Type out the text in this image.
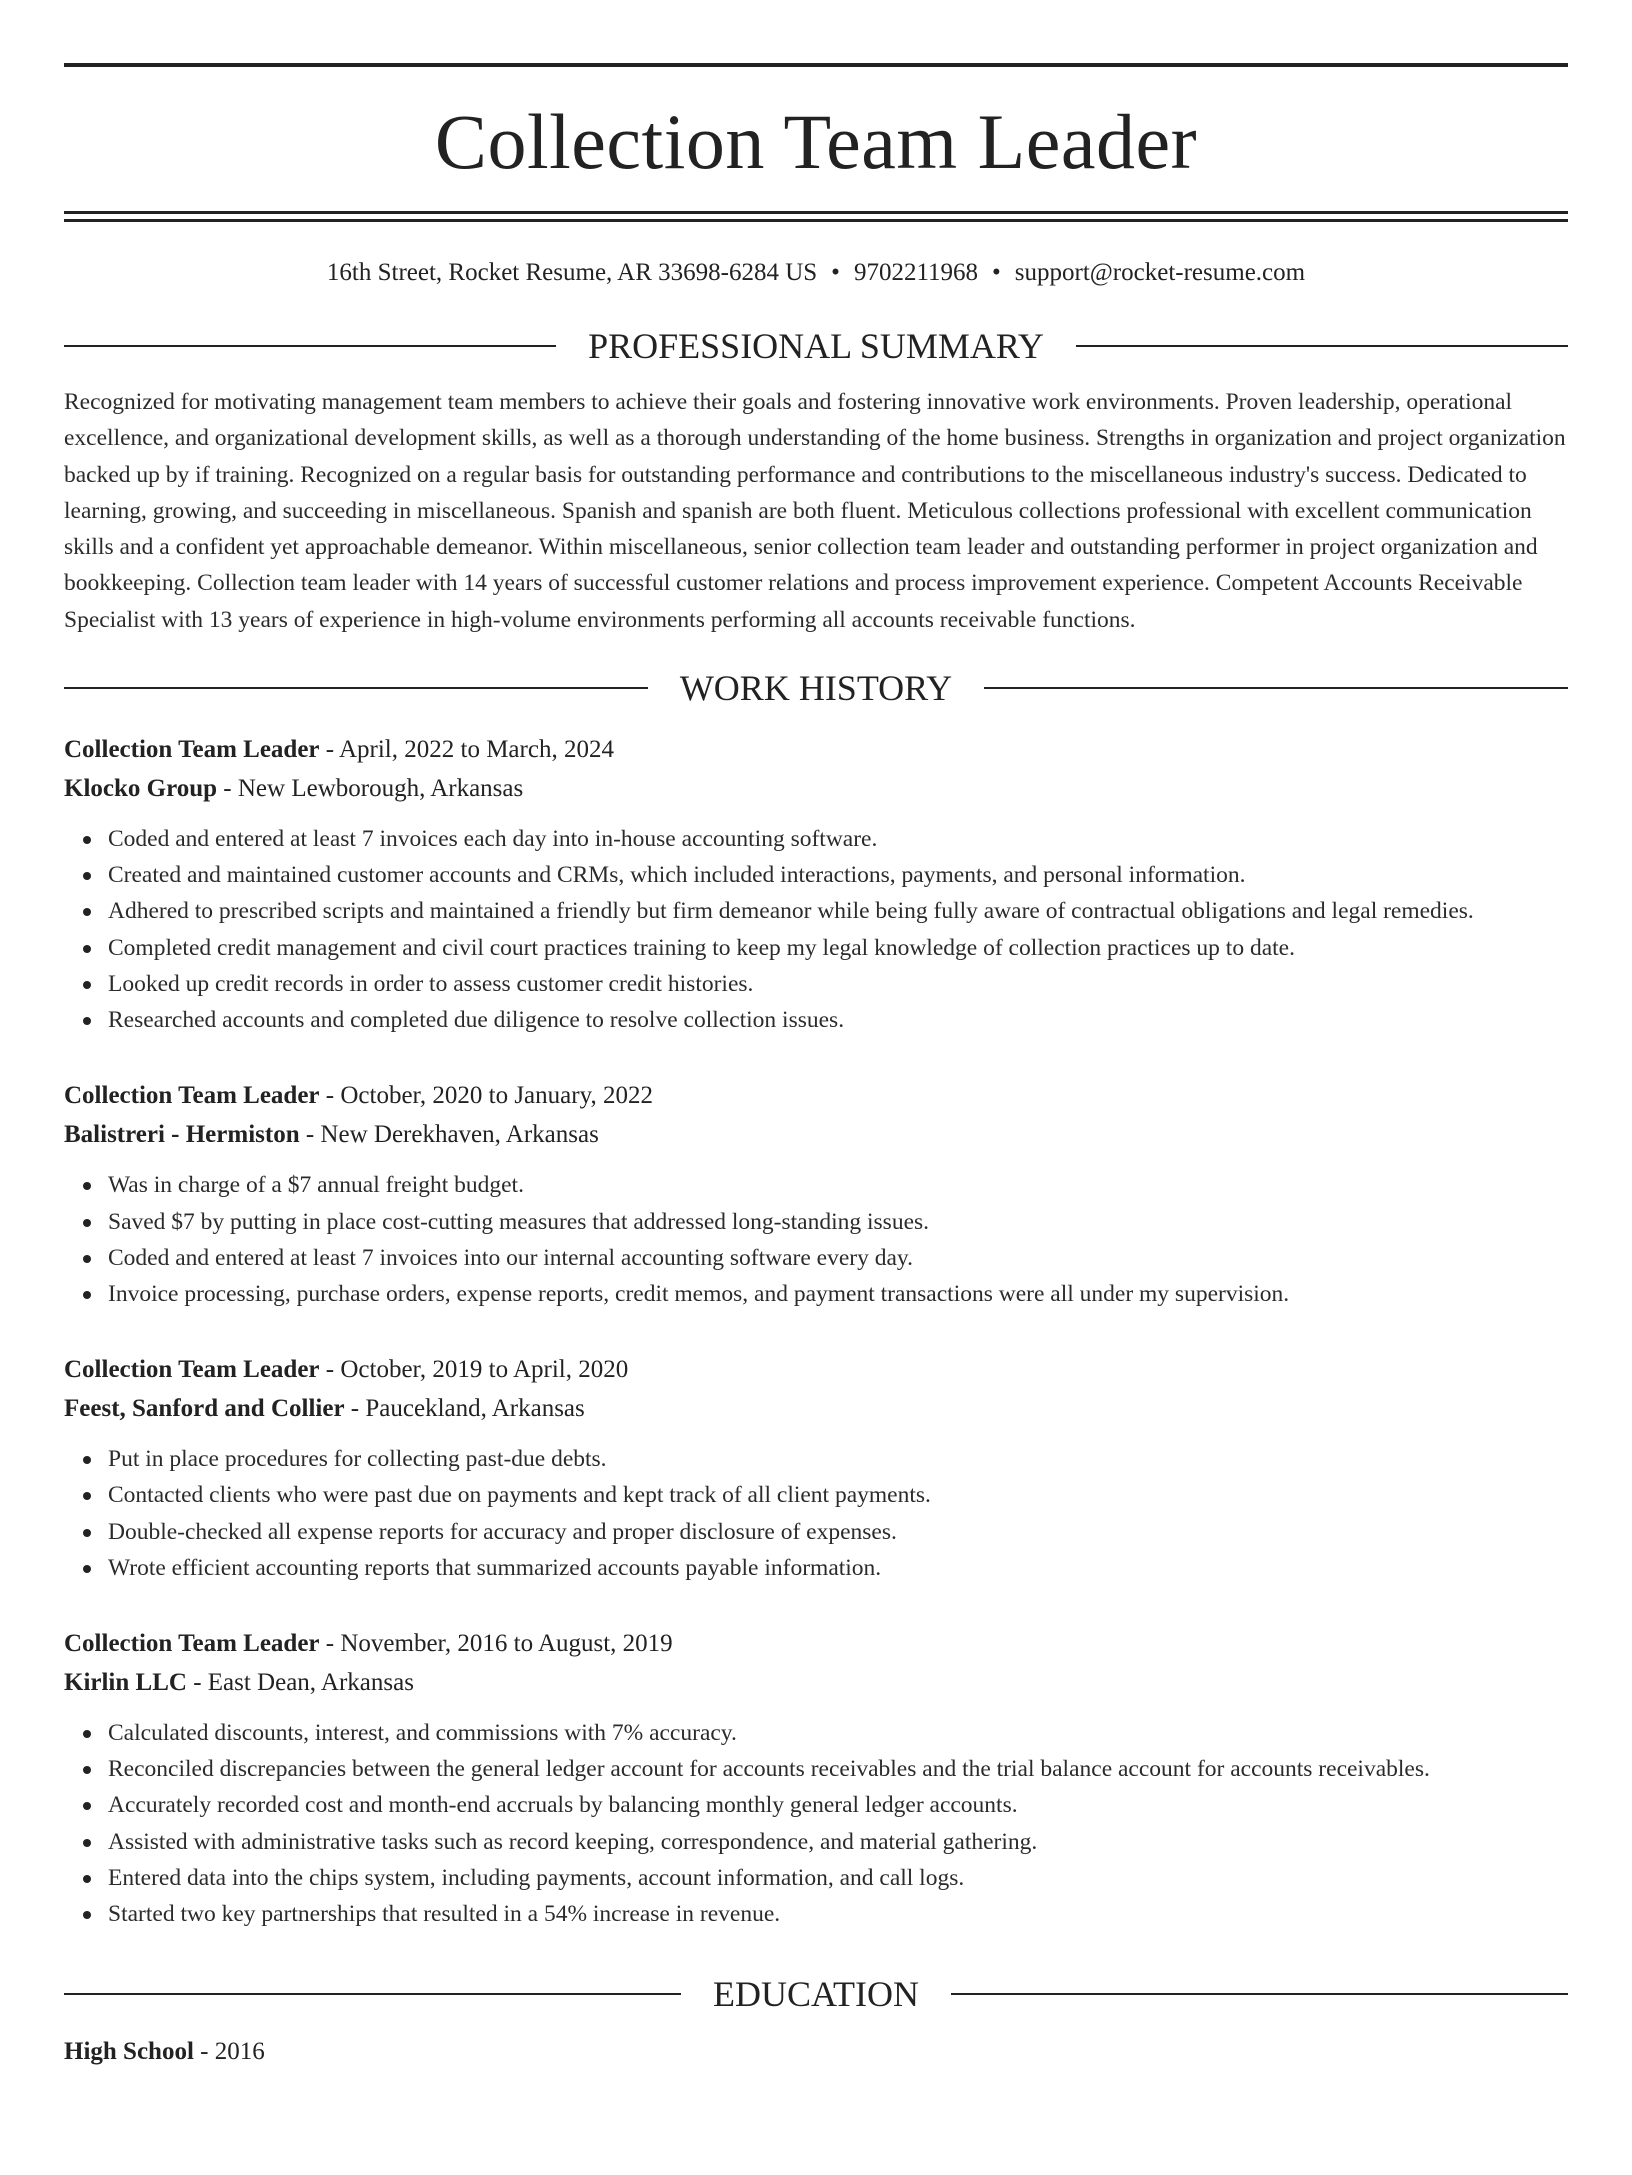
Collection Team Leader
16th Street, Rocket Resume, AR 33698-6284 US • 9702211968 • support@rocket-resume.com
PROFESSIONAL SUMMARY

Recognized for motivating management team members to achieve their goals and fostering innovative work environments. Proven leadership, operational excellence, and organizational development skills, as well as a thorough understanding of the home business. Strengths in organization and project organization backed up by if training. Recognized on a regular basis for outstanding performance and contributions to the miscellaneous industry's success. Dedicated to learning, growing, and succeeding in miscellaneous. Spanish and spanish are both fluent. Meticulous collections professional with excellent communication skills and a confident yet approachable demeanor. Within miscellaneous, senior collection team leader and outstanding performer in project organization and bookkeeping. Collection team leader with 14 years of successful customer relations and process improvement experience. Competent Accounts Receivable Specialist with 13 years of experience in high-volume environments performing all accounts receivable functions.

WORK HISTORY
Collection Team Leader - April, 2022 to March, 2024
Klocko Group - New Lewborough, Arkansas
Coded and entered at least 7 invoices each day into in-house accounting software.
Created and maintained customer accounts and CRMs, which included interactions, payments, and personal information.
Adhered to prescribed scripts and maintained a friendly but firm demeanor while being fully aware of contractual obligations and legal remedies.
Completed credit management and civil court practices training to keep my legal knowledge of collection practices up to date.
Looked up credit records in order to assess customer credit histories.
Researched accounts and completed due diligence to resolve collection issues.
Collection Team Leader - October, 2020 to January, 2022
Balistreri - Hermiston - New Derekhaven, Arkansas
Was in charge of a $7 annual freight budget.
Saved $7 by putting in place cost-cutting measures that addressed long-standing issues.
Coded and entered at least 7 invoices into our internal accounting software every day.
Invoice processing, purchase orders, expense reports, credit memos, and payment transactions were all under my supervision.
Collection Team Leader - October, 2019 to April, 2020
Feest, Sanford and Collier - Paucekland, Arkansas
Put in place procedures for collecting past-due debts.
Contacted clients who were past due on payments and kept track of all client payments.
Double-checked all expense reports for accuracy and proper disclosure of expenses.
Wrote efficient accounting reports that summarized accounts payable information.
Collection Team Leader - November, 2016 to August, 2019
Kirlin LLC - East Dean, Arkansas
Calculated discounts, interest, and commissions with 7% accuracy.
Reconciled discrepancies between the general ledger account for accounts receivables and the trial balance account for accounts receivables.
Accurately recorded cost and month-end accruals by balancing monthly general ledger accounts.
Assisted with administrative tasks such as record keeping, correspondence, and material gathering.
Entered data into the chips system, including payments, account information, and call logs.
Started two key partnerships that resulted in a 54% increase in revenue.
EDUCATION
High School - 2016
